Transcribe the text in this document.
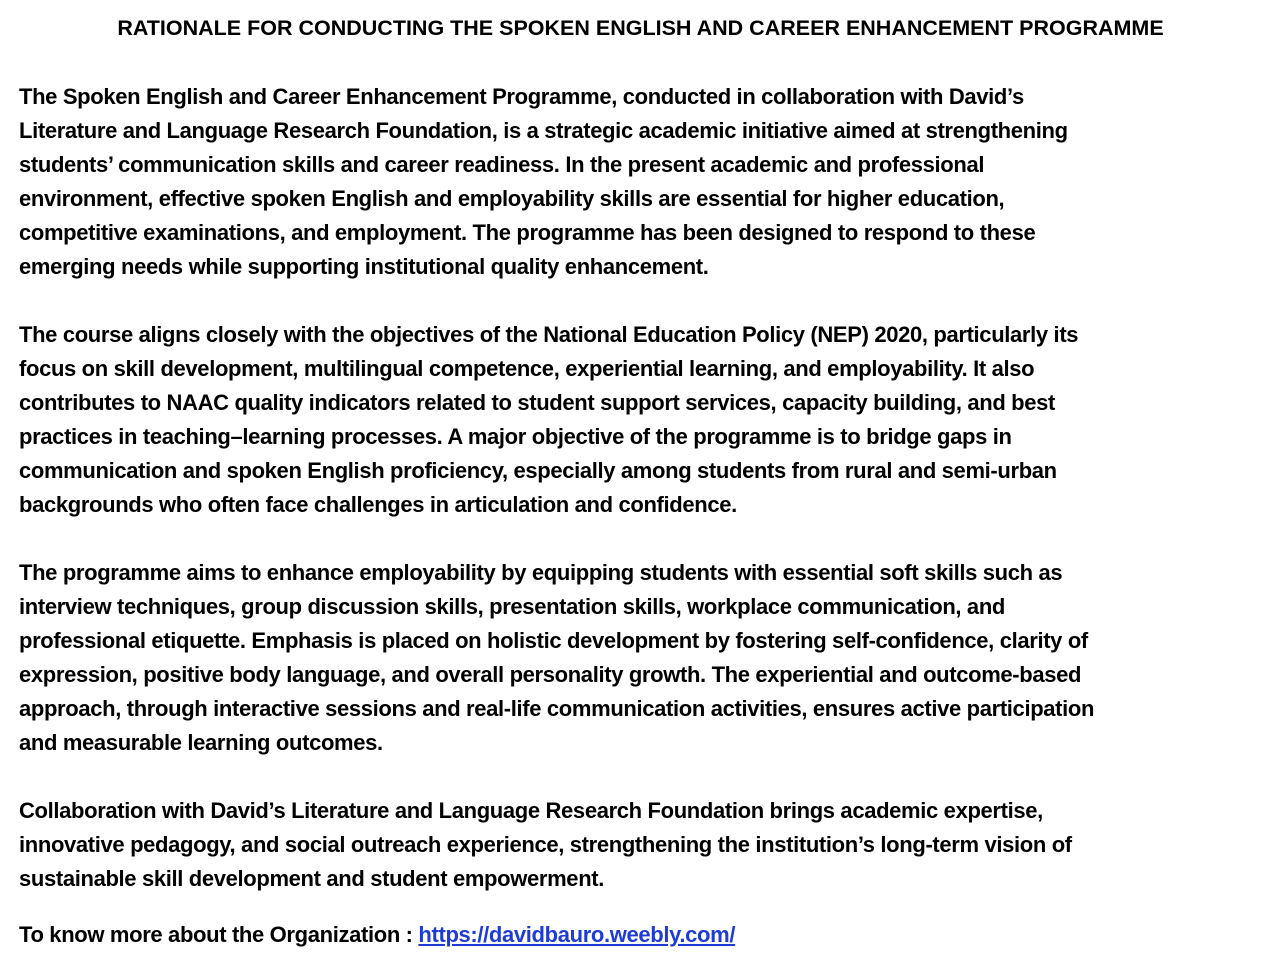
RATIONALE FOR CONDUCTING THE SPOKEN ENGLISH AND CAREER ENHANCEMENT PROGRAMME
The Spoken English and Career Enhancement Programme, conducted in collaboration with David’s
Literature and Language Research Foundation, is a strategic academic initiative aimed at strengthening
students’ communication skills and career readiness. In the present academic and professional
environment, effective spoken English and employability skills are essential for higher education,
competitive examinations, and employment. The programme has been designed to respond to these
emerging needs while supporting institutional quality enhancement.
The course aligns closely with the objectives of the National Education Policy (NEP) 2020, particularly its
focus on skill development, multilingual competence, experiential learning, and employability. It also
contributes to NAAC quality indicators related to student support services, capacity building, and best
practices in teaching–learning processes. A major objective of the programme is to bridge gaps in
communication and spoken English proficiency, especially among students from rural and semi-urban
backgrounds who often face challenges in articulation and confidence.
The programme aims to enhance employability by equipping students with essential soft skills such as
interview techniques, group discussion skills, presentation skills, workplace communication, and
professional etiquette. Emphasis is placed on holistic development by fostering self-confidence, clarity of
expression, positive body language, and overall personality growth. The experiential and outcome-based
approach, through interactive sessions and real-life communication activities, ensures active participation
and measurable learning outcomes.
Collaboration with David’s Literature and Language Research Foundation brings academic expertise,
innovative pedagogy, and social outreach experience, strengthening the institution’s long-term vision of
sustainable skill development and student empowerment.
To know more about the Organization : https://davidbauro.weebly.com/
